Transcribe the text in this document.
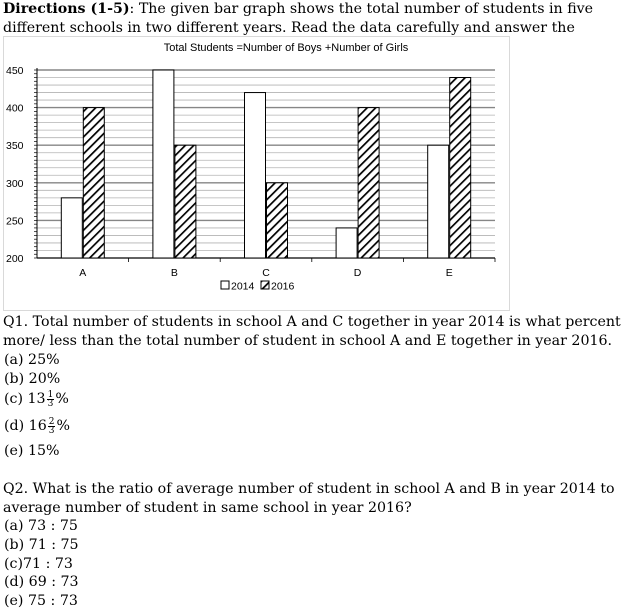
Directions (1-5): The given bar graph shows the total number of students in five different schools in two different years. Read the data carefully and answer the
Total Students =Number of Boys +Number of Girls
200
250
300
350
400
450
A	B	C	D	E
2014 2016
Q1. Total number of students in school A and C together in year 2014 is what percent more/ less than the total number of student in school A and E together in year 2016.
(a) 25%
(b) 20%
(c) $13 \frac{1}{3}$ %
(d) $16 \frac{2}{3}$ %
(e) 15%
Q2. What is the ratio of average number of student in school A and B in year 2014 to average number of student in same school in year 2016?
(a) 73 : 75
(b) 71 : 75
(c)71 : 73
(d) 69 : 73
(e) 75 : 73
